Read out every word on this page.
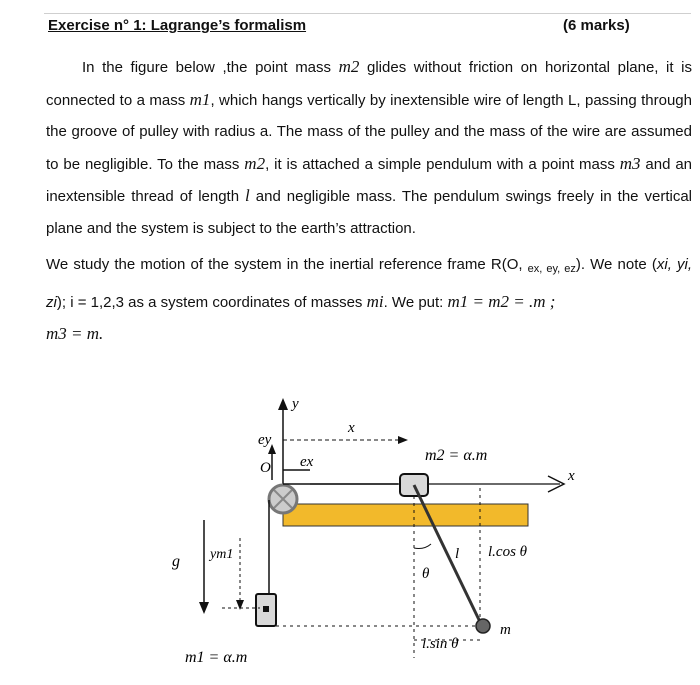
Exercise n° 1: Lagrange’s formalism	(6 marks)
In the figure below ,the point mass m2 glides without friction on horizontal plane, it is connected to a mass m1, which hangs vertically by inextensible wire of length L, passing through the groove of pulley with radius a. The mass of the pulley and the mass of the wire are assumed to be negligible. To the mass m2, it is attached a simple pendulum with a point mass m3 and an inextensible thread of length l and negligible mass. The pendulum swings freely in the vertical plane and the system is subject to the earth’s attraction.
We study the motion of the system in the inertial reference frame R(O, $_{ex, ey, ez}$). We note (xi, yi, zi); i = 1,2,3 as a system coordinates of masses mi. We put: m1 = m2 = .m ;
m3 = m.
y
ey
O ex
x
x
m1 = α.m
ym1
g
m2 = α.m
m
l
θ
l.cos θ
l.sin θ
